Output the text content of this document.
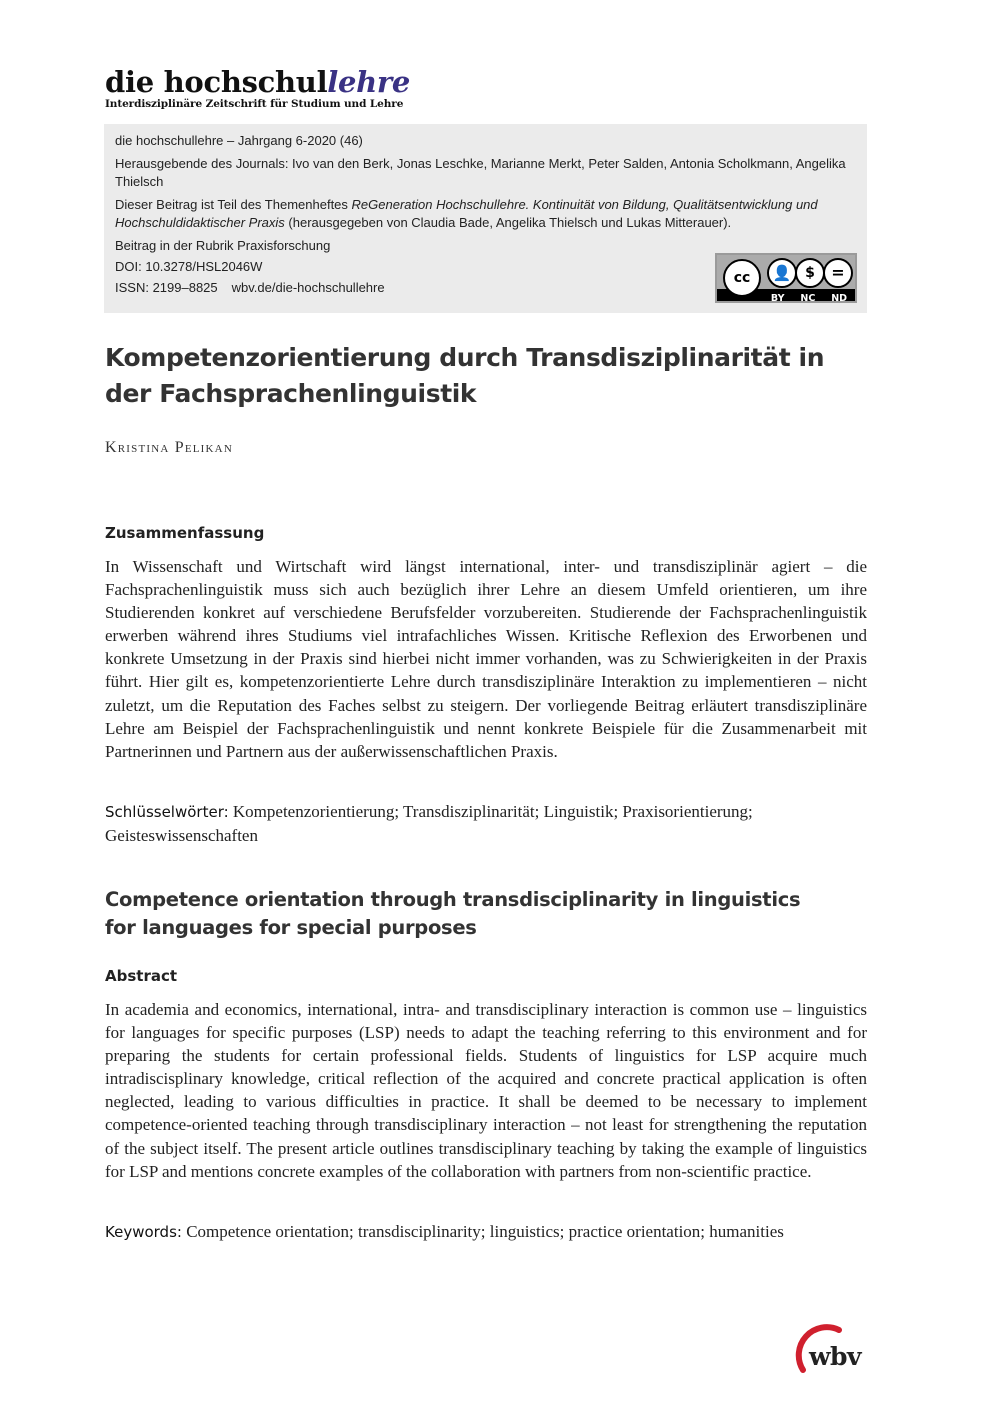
die hochschullehre
Interdisziplinäre Zeitschrift für Studium und Lehre
die hochschullehre – Jahrgang 6-2020 (46)
Herausgebende des Journals: Ivo van den Berk, Jonas Leschke, Marianne Merkt, Peter Salden, Antonia Scholkmann, Angelika Thielsch
Dieser Beitrag ist Teil des Themenheftes ReGeneration Hochschullehre. Kontinuität von Bildung, Qualitätsentwicklung und Hochschuldidaktischer Praxis (herausgegeben von Claudia Bade, Angelika Thielsch und Lukas Mitterauer).
Beitrag in der Rubrik Praxisforschung
DOI: 10.3278/HSL2046W
ISSN: 2199–8825 wbv.de/die-hochschullehre
cc	👤 $	=
BY NC ND
Kompetenzorientierung durch Transdisziplinarität in der Fachsprachenlinguistik
Kristina Pelikan
Zusammenfassung

In Wissenschaft und Wirtschaft wird längst international, inter- und transdisziplinär agiert – die Fachsprachenlinguistik muss sich auch bezüglich ihrer Lehre an diesem Umfeld orientieren, um ihre Studierenden konkret auf verschiedene Berufsfelder vorzubereiten. Studierende der Fachsprachenlinguistik erwerben während ihres Studiums viel intrafachliches Wissen. Kritische Reflexion des Erworbenen und konkrete Umsetzung in der Praxis sind hierbei nicht immer vorhanden, was zu Schwierigkeiten in der Praxis führt. Hier gilt es, kompetenzorientierte Lehre durch transdisziplinäre Interaktion zu implementieren – nicht zuletzt, um die Reputation des Faches selbst zu steigern. Der vorliegende Beitrag erläutert transdisziplinäre Lehre am Beispiel der Fachsprachenlinguistik und nennt konkrete Beispiele für die Zusammenarbeit mit Partnerinnen und Partnern aus der außerwissenschaftlichen Praxis.

Schlüsselwörter: Kompetenzorientierung; Transdisziplinarität; Linguistik; Praxisorientierung; Geisteswissenschaften

Competence orientation through transdisciplinarity in linguistics for languages for special purposes
Abstract

In academia and economics, international, intra- and transdisciplinary interaction is common use – linguistics for languages for specific purposes (LSP) needs to adapt the teaching referring to this environment and for preparing the students for certain professional fields. Students of linguistics for LSP acquire much intradiscisplinary knowledge, critical reflection of the acquired and concrete practical application is often neglected, leading to various difficulties in practice. It shall be deemed to be necessary to implement competence-oriented teaching through transdisciplinary interaction – not least for strengthening the reputation of the subject itself. The present article outlines transdisciplinary teaching by taking the example of linguistics for LSP and mentions concrete examples of the collaboration with partners from non-scientific practice.

Keywords: Competence orientation; transdisciplinarity; linguistics; practice orientation; humanities

wbv
